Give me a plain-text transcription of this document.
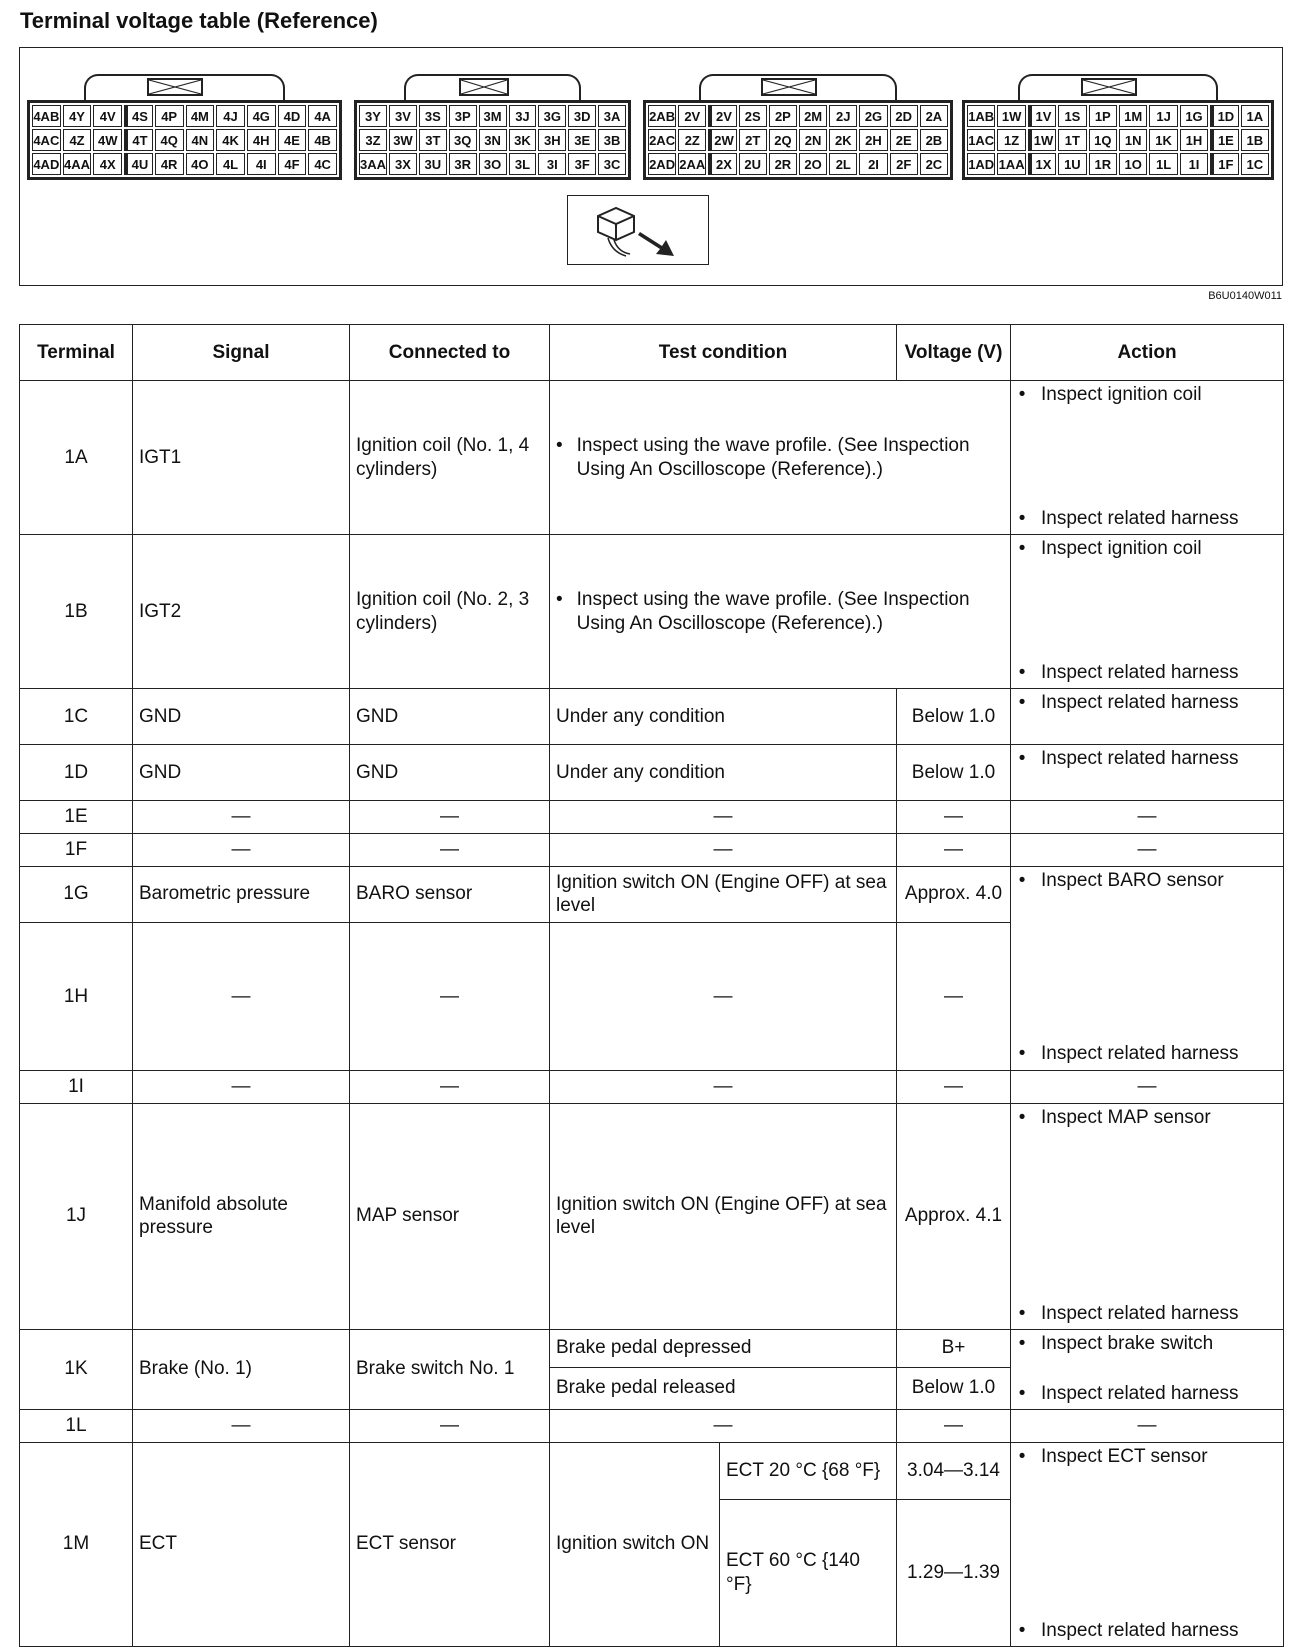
Terminal voltage table (Reference)
4AB 4Y	4V	4S	4P	4M	4J	4G	4D	4A
4AC 4Z	4W	4T 4Q	4N	4K	4H	4E	4B
4AD 4AA 4X	4U 4R	4O	4L	4I	4F	4C
3Y	3V	3S	3P 3M	3J	3G 3D	3A
3Z 3W 3T	3Q 3N	3K	3H	3E	3B
3AA 3X	3U	3R 3O	3L	3I	3F	3C
2AB 2V	2V 2S	2P	2M	2J	2G	2D	2A
2AC 2Z	2W 2T	2Q	2N	2K	2H	2E	2B
2AD 2AA 2X 2U	2R	2O	2L	2I	2F	2C
1AB 1W	1V	1S	1P	1M	1J	1G	1D 1A
1AC 1Z	1W 1T	1Q	1N	1K	1H	1E 1B
1AD 1AA 1X 1U	1R	1O	1L	1I	1F	1C
B6U0140W011
Terminal	Signal	Connected to	Test condition		Voltage (V)	Action
1A	IGT1	Ignition coil (No. 1, 4 cylinders)	• Inspect using the wave profile. (See Inspection Using An Oscilloscope (Reference).)			• Inspect ignition coil
• Inspect related harness

1B	IGT2	Ignition coil (No. 2, 3 cylinders)	• Inspect using the wave profile. (See Inspection Using An Oscilloscope (Reference).)			• Inspect ignition coil
• Inspect related harness

1C	GND	GND	Under any condition		Below 1.0	• Inspect related harness

1D	GND	GND	Under any condition		Below 1.0	• Inspect related harness

1E	—	—	—		—	—
1F	—	—	—		—	—
1G	Barometric pressure	BARO sensor	Ignition switch ON (Engine OFF) at sea level		Approx. 4.0	• Inspect BARO sensor
• Inspect related harness

1H	—	—	—		—	
1I	—	—	—		—	—
1J	Manifold absolute pressure	MAP sensor	Ignition switch ON (Engine OFF) at sea level		Approx. 4.1	• Inspect MAP sensor
• Inspect related harness

1K	Brake (No. 1)	Brake switch No. 1	Brake pedal depressed		B+	• Inspect brake switch
• Inspect related harness

			Brake pedal released		Below 1.0	
1L	—	—	—		—	—
1M	ECT	ECT sensor	Ignition switch ON	ECT 20 °C {68 °F}	3.04—3.14	• Inspect ECT sensor
• Inspect related harness

				ECT 60 °C {140 °F}	1.29—1.39	
